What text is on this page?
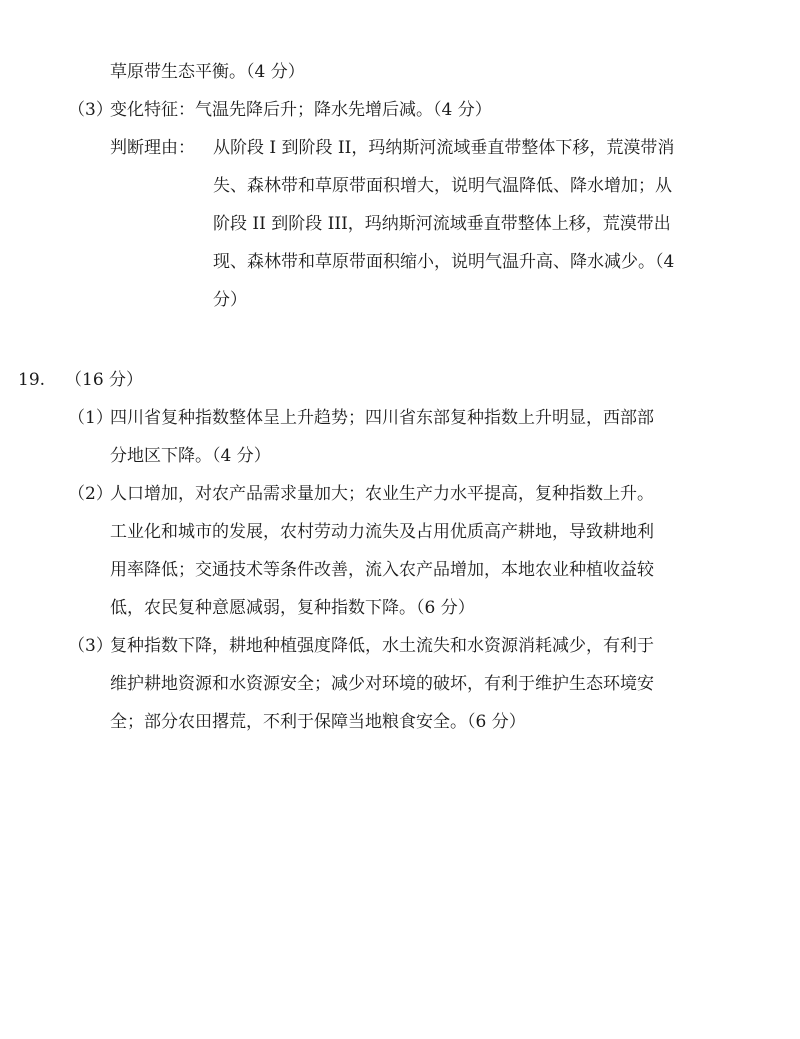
草原带生态平衡。（4 分）
（3）
变化特征： 气温先降后升；降水先增后减。（4 分）
判断理由： 从阶段 I 到阶段 II，玛纳斯河流域垂直带整体下移，荒漠带消
失、森林带和草原带面积增大，说明气温降低、降水增加；从
阶段 II 到阶段 III，玛纳斯河流域垂直带整体上移，荒漠带出
现、森林带和草原带面积缩小，说明气温升高、降水减少。（4
分）
19. （16 分）
（1）
四川省复种指数整体呈上升趋势；四川省东部复种指数上升明显，西部部
分地区下降。（4 分）
（2）
人口增加，对农产品需求量加大；农业生产力水平提高，复种指数上升。
工业化和城市的发展，农村劳动力流失及占用优质高产耕地，导致耕地利
用率降低；交通技术等条件改善，流入农产品增加，本地农业种植收益较
低，农民复种意愿减弱，复种指数下降。（6 分）
（3）
复种指数下降，耕地种植强度降低，水土流失和水资源消耗减少，有利于
维护耕地资源和水资源安全；减少对环境的破坏，有利于维护生态环境安
全；部分农田撂荒，不利于保障当地粮食安全。（6 分）
